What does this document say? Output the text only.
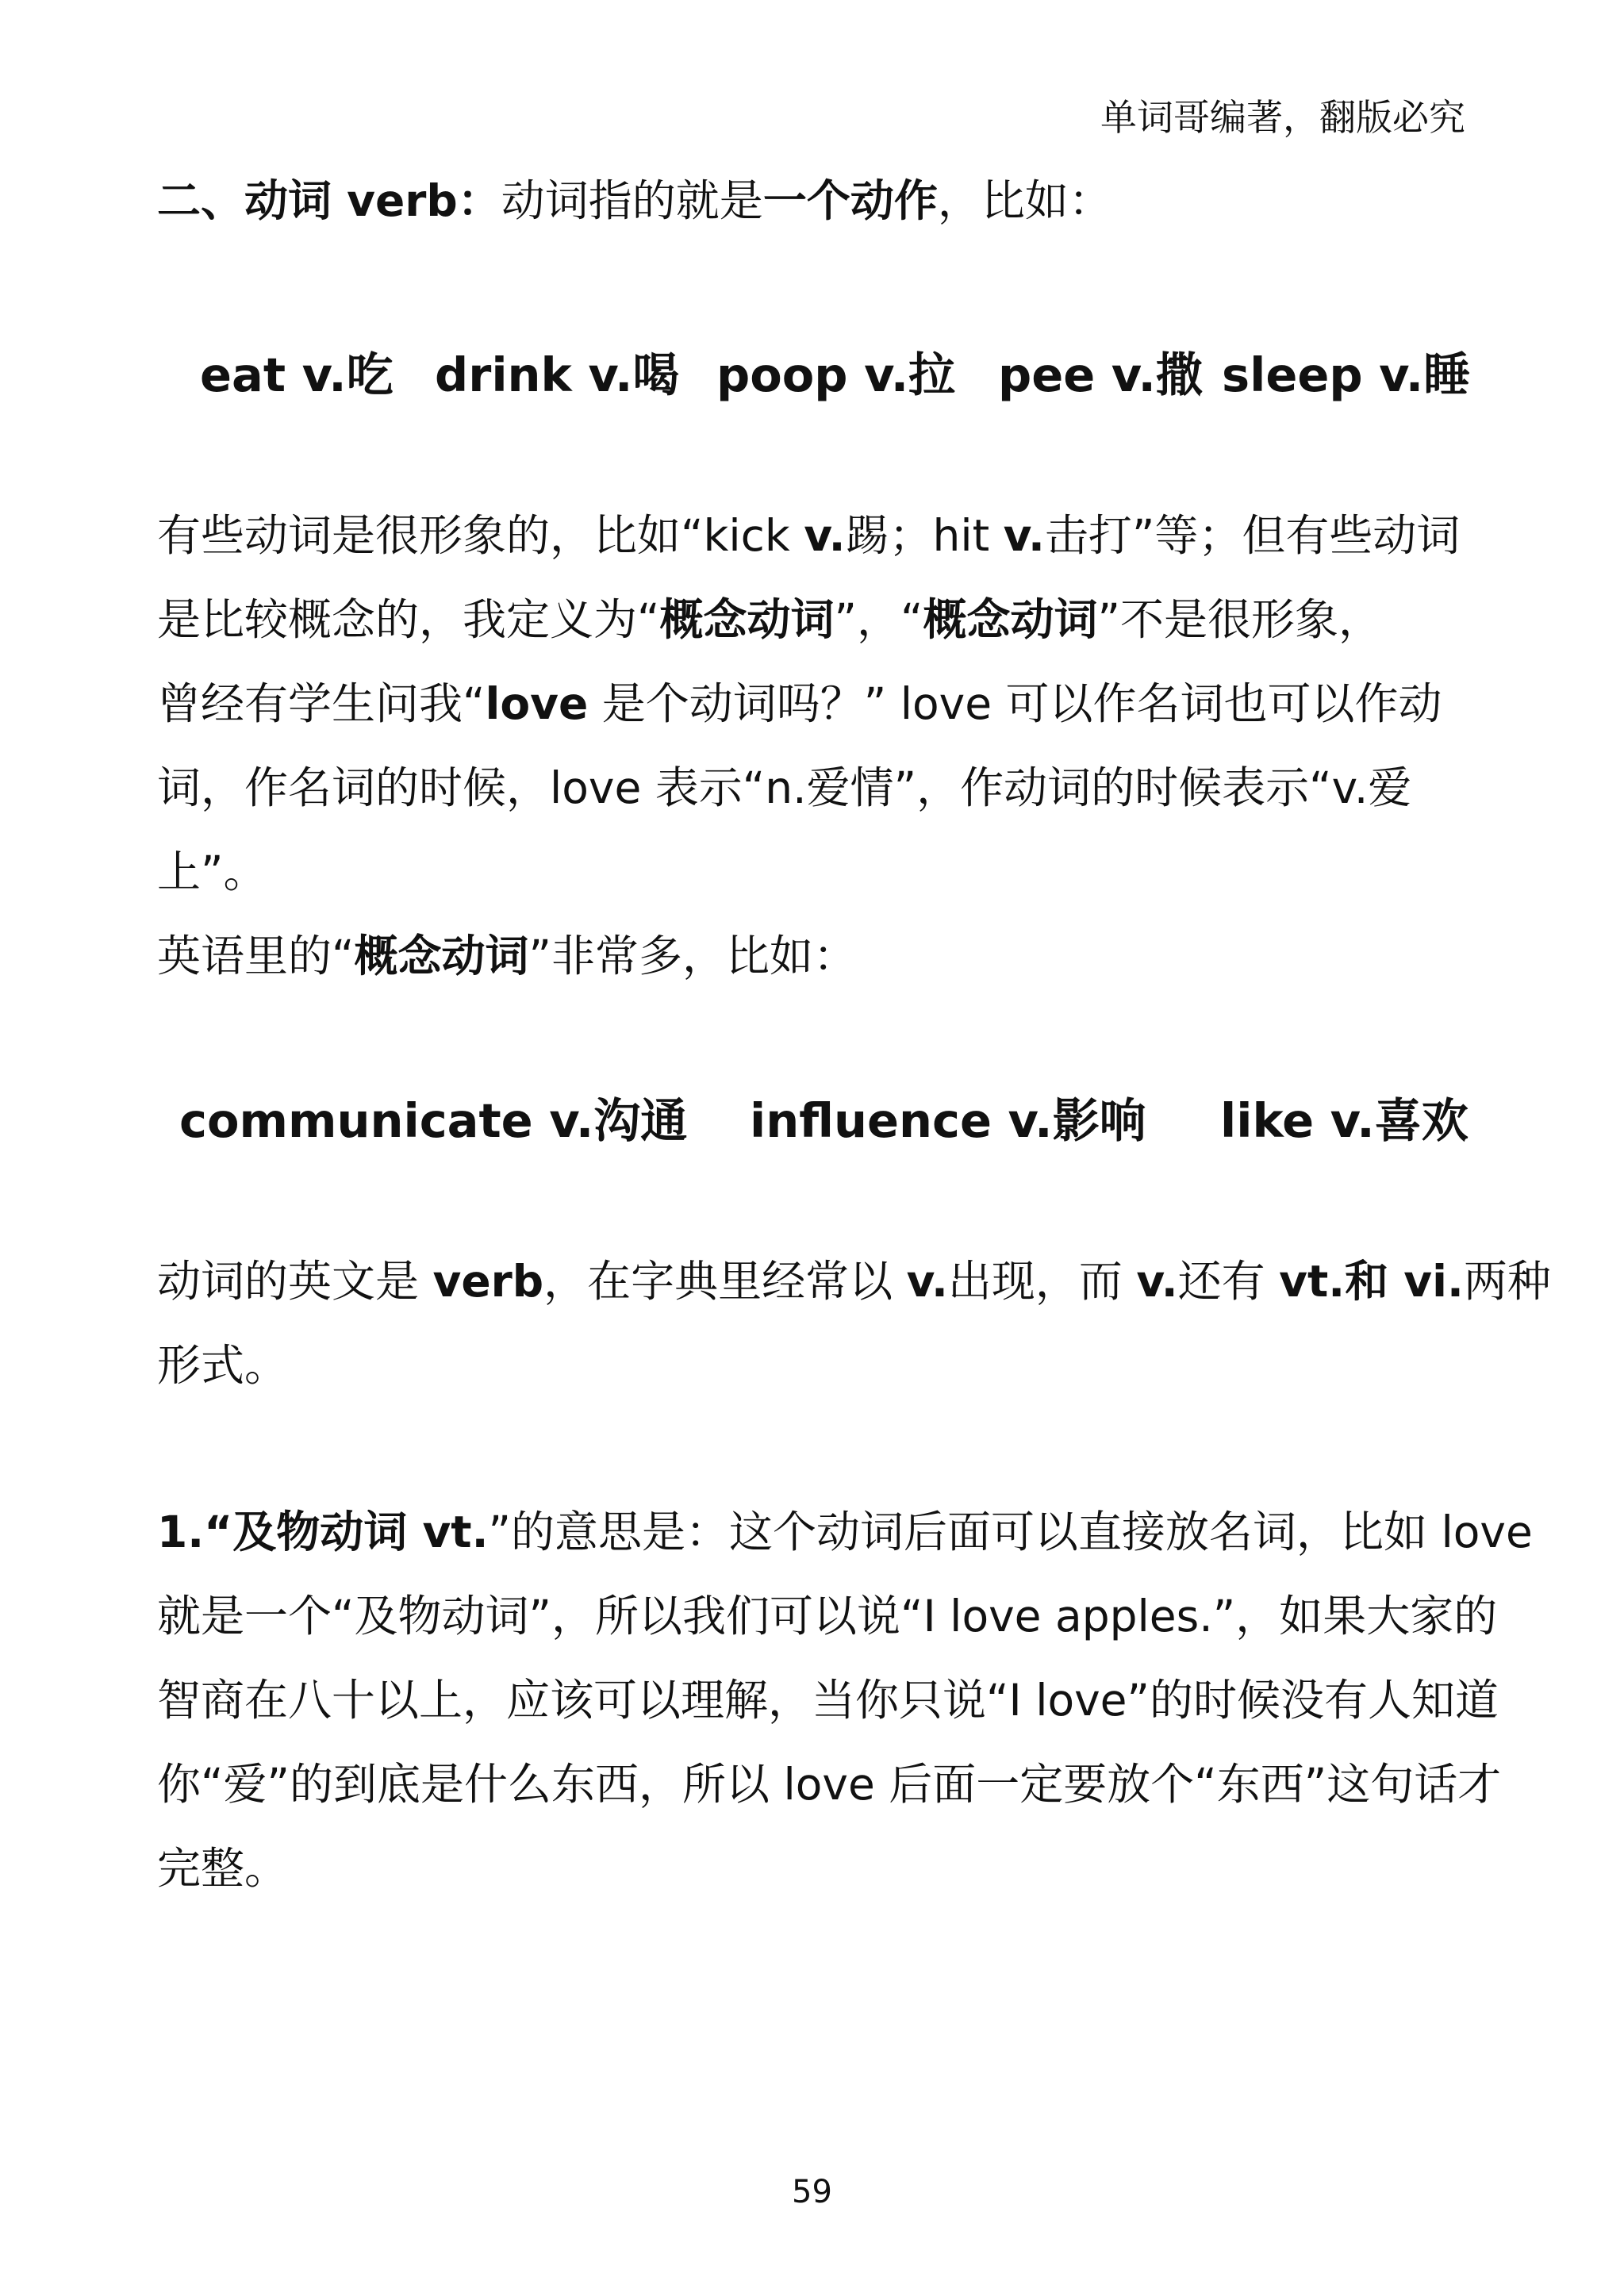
单词哥编著，翻版必究
二、动词 verb：动词指的就是一个动作，比如：
eat v.吃 drink v.喝 poop v.拉 pee v.撒 sleep v.睡
有些动词是很形象的，比如“kick v.踢；hit v.击打”等；但有些动词
是比较概念的，我定义为“概念动词”，“概念动词”不是很形象，
曾经有学生问我“love 是个动词吗？” love 可以作名词也可以作动
词，作名词的时候，love 表示“n.爱情”，作动词的时候表示“v.爱
上”。
英语里的“概念动词”非常多，比如：
communicate v.沟通 influence v.影响 like v.喜欢
动词的英文是 verb，在字典里经常以 v.出现，而 v.还有 vt.和 vi.两种
形式。
1.“及物动词 vt.”的意思是：这个动词后面可以直接放名词，比如 love
就是一个“及物动词”，所以我们可以说“I love apples.”，如果大家的
智商在八十以上，应该可以理解，当你只说“I love”的时候没有人知道
你“爱”的到底是什么东西，所以 love 后面一定要放个“东西”这句话才
完整。
59
